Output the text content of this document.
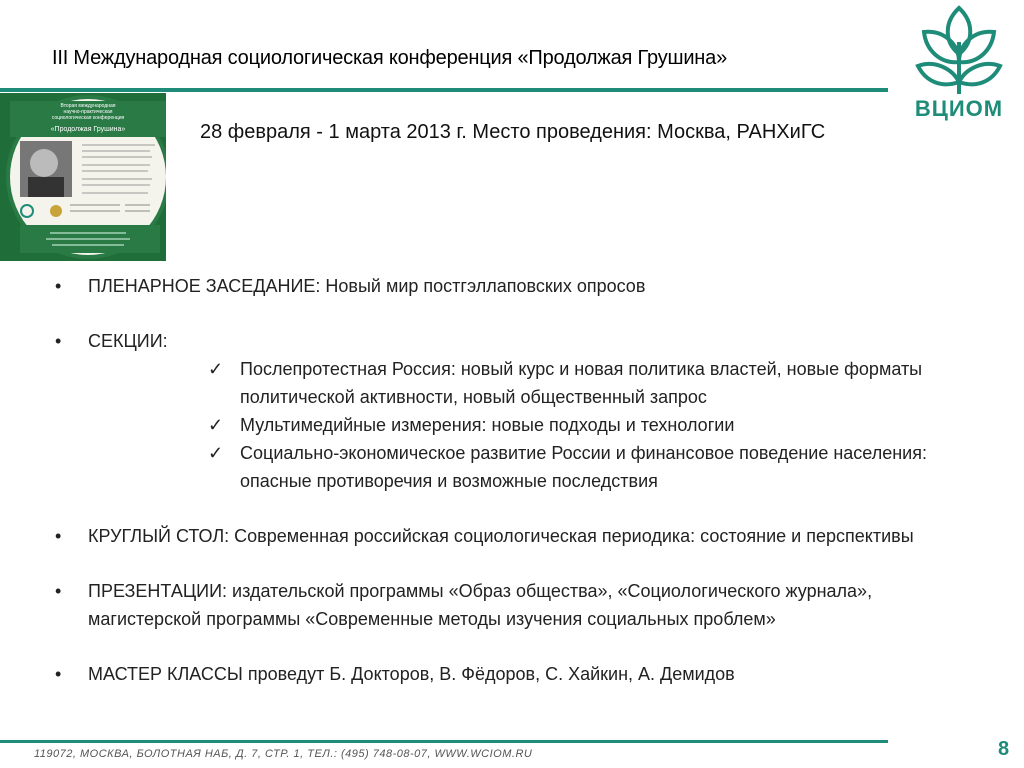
III Международная социологическая конференция «Продолжая Грушина»
ВЦИОМ
Вторая международная
научно-практическая
социологическая конференция
«Продолжая Грушина»	28 февраля - 1 марта 2013 г. Место проведения: Москва, РАНХиГС
• ПЛЕНАРНОЕ ЗАСЕДАНИЕ: Новый мир постгэллаповских опросов
• СЕКЦИИ:
✓ Послепротестная Россия: новый курс и новая политика властей, новые форматы политической активности, новый общественный запрос
✓ Мультимедийные измерения: новые подходы и технологии
✓ Социально-экономическое развитие России и финансовое поведение населения: опасные противоречия и возможные последствия
• КРУГЛЫЙ СТОЛ: Современная российская социологическая периодика: состояние и перспективы
• ПРЕЗЕНТАЦИИ: издательской программы «Образ общества», «Социологического журнала», магистерской программы «Современные методы изучения социальных проблем»
• МАСТЕР КЛАССЫ проведут Б. Докторов, В. Фёдоров, С. Хайкин, А. Демидов
119072, МОСКВА, БОЛОТНАЯ НАБ, Д. 7, СТР. 1, ТЕЛ.: (495) 748-08-07, WWW.WCIOM.RU	8
